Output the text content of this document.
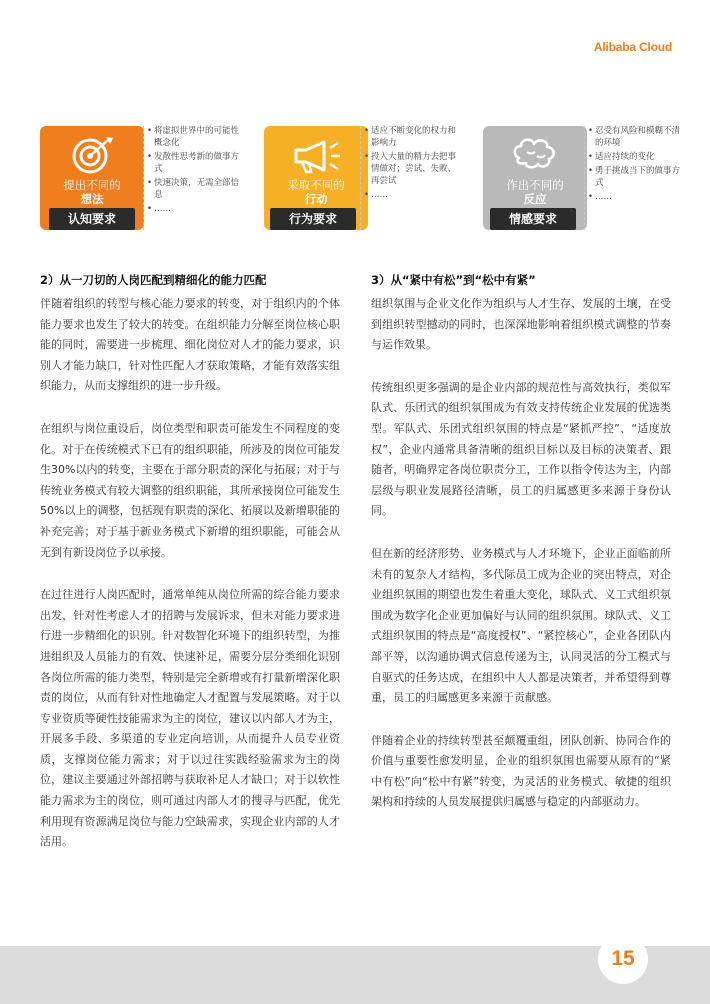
Alibaba Cloud
提出不同的
想法
认知要求
• 将虚拟世界中的可能性概念化
• 发散性思考新的做事方式
• 快速决策，无需全部信息
• ……
采取不同的
行动
行为要求
• 适应不断变化的权力和影响力
• 投入大量的精力去把事情做对；尝试、失败、再尝试
• ……
作出不同的
反应
情感要求
• 忍受有风险和模糊不清的环境
• 适应持续的变化
• 勇于挑战当下的做事方式
• ……
2）从一刀切的人岗匹配到精细化的能力匹配

伴随着组织的转型与核心能力要求的转变，对于组织内的个体能力要求也发生了较大的转变。在组织能力分解至岗位核心职能的同时，需要进一步梳理、细化岗位对人才的能力要求，识别人才能力缺口，针对性匹配人才获取策略，才能有效落实组织能力，从而支撑组织的进一步升级。

在组织与岗位重设后，岗位类型和职责可能发生不同程度的变化。对于在传统模式下已有的组织职能，所涉及的岗位可能发生30%以内的转变，主要在于部分职责的深化与拓展；对于与传统业务模式有较大调整的组织职能，其所承接岗位可能发生50%以上的调整，包括现有职责的深化、拓展以及新增职能的补充完善；对于基于新业务模式下新增的组织职能，可能会从无到有新设岗位予以承接。

在过往进行人岗匹配时，通常单纯从岗位所需的综合能力要求出发，针对性考虑人才的招聘与发展诉求，但未对能力要求进行进一步精细化的识别。针对数智化环境下的组织转型，为推进组织及人员能力的有效、快速补足，需要分层分类细化识别各岗位所需的能力类型，特别是完全新增或有打量新增深化职责的岗位，从而有针对性地确定人才配置与发展策略。对于以专业资质等硬性技能需求为主的岗位，建议以内部人才为主，开展多手段、多渠道的专业定向培训，从而提升人员专业资质，支撑岗位能力需求；对于以过往实践经验需求为主的岗位，建议主要通过外部招聘与获取补足人才缺口；对于以软性能力需求为主的岗位，则可通过内部人才的搜寻与匹配，优先利用现有资源满足岗位与能力空缺需求，实现企业内部的人才活用。

3）从“紧中有松”到“松中有紧”

组织氛围与企业文化作为组织与人才生存、发展的土壤，在受到组织转型撼动的同时，也深深地影响着组织模式调整的节奏与运作效果。

传统组织更多强调的是企业内部的规范性与高效执行，类似军队式、乐团式的组织氛围成为有效支持传统企业发展的优选类型。军队式、乐团式组织氛围的特点是“紧抓严控”、“适度放权”，企业内通常具备清晰的组织目标以及目标的决策者、跟随者，明确界定各岗位职责分工，工作以指令传达为主，内部层级与职业发展路径清晰，员工的归属感更多来源于身份认同。

但在新的经济形势、业务模式与人才环境下，企业正面临前所未有的复杂人才结构，多代际员工成为企业的突出特点，对企业组织氛围的期望也发生着重大变化，球队式、义工式组织氛围成为数字化企业更加偏好与认同的组织氛围。球队式、义工式组织氛围的特点是“高度授权”、“紧控核心”，企业各团队内部平等，以沟通协调式信息传递为主，认同灵活的分工模式与自驱式的任务达成，在组织中人人都是决策者，并希望得到尊重，员工的归属感更多来源于贡献感。

伴随着企业的持续转型甚至颠覆重组，团队创新、协同合作的价值与重要性愈发明显，企业的组织氛围也需要从原有的“紧中有松”向“松中有紧”转变，为灵活的业务模式、敏捷的组织架构和持续的人员发展提供归属感与稳定的内部驱动力。

15
